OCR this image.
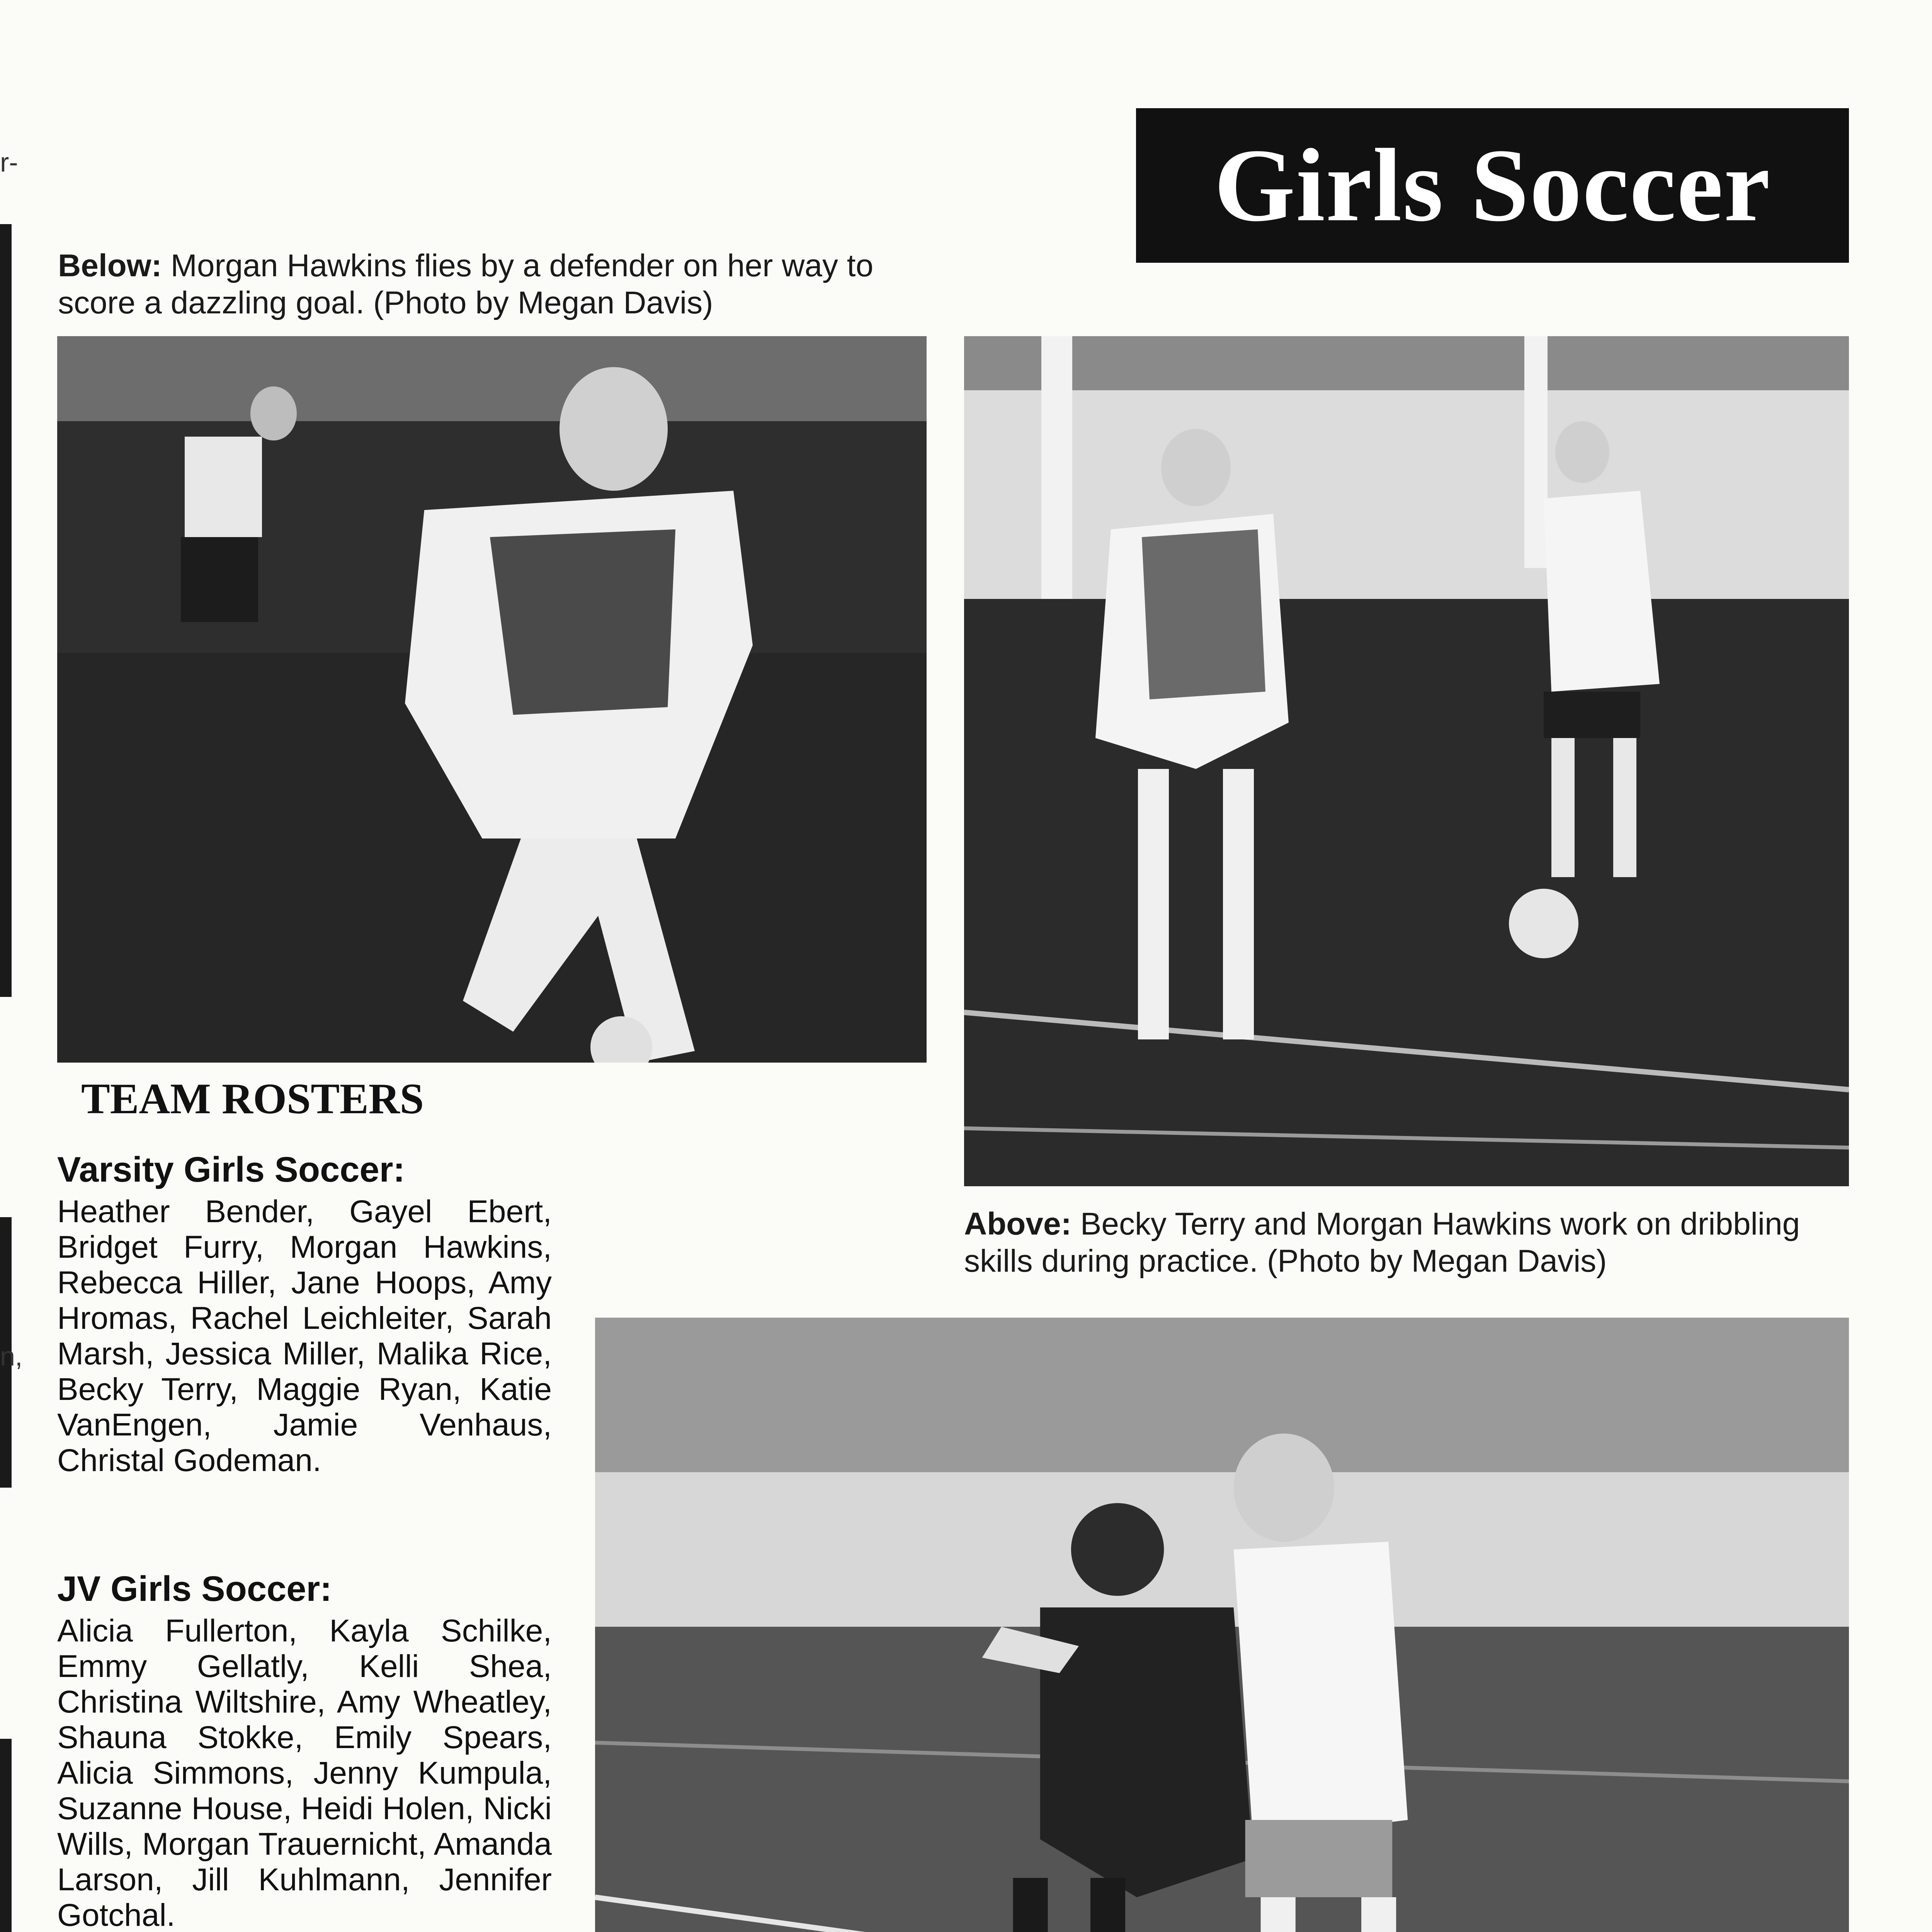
r-
n,
Girls Soccer
Below: Morgan Hawkins flies by a defender on her way to score a dazzling goal. (Photo by Megan Davis)
Above: Becky Terry and Morgan Hawkins work on dribbling skills during practice. (Photo by Megan Davis)
TEAM ROSTERS
Varsity Girls Soccer:
Heather Bender, Gayel Ebert, Bridget Furry, Morgan Hawkins, Rebecca Hiller, Jane Hoops, Amy Hromas, Rachel Leichleiter, Sarah Marsh, Jessica Miller, Malika Rice, Becky Terry, Maggie Ryan, Katie VanEngen, Jamie Venhaus, Christal Godeman.
JV Girls Soccer:
Alicia Fullerton, Kayla Schilke, Emmy Gellatly, Kelli Shea, Christina Wiltshire, Amy Wheatley, Shauna Stokke, Emily Spears, Alicia Simmons, Jenny Kumpula, Suzanne House, Heidi Holen, Nicki Wills, Morgan Trauernicht, Amanda Larson, Jill Kuhlmann, Jennifer Gotchal.
